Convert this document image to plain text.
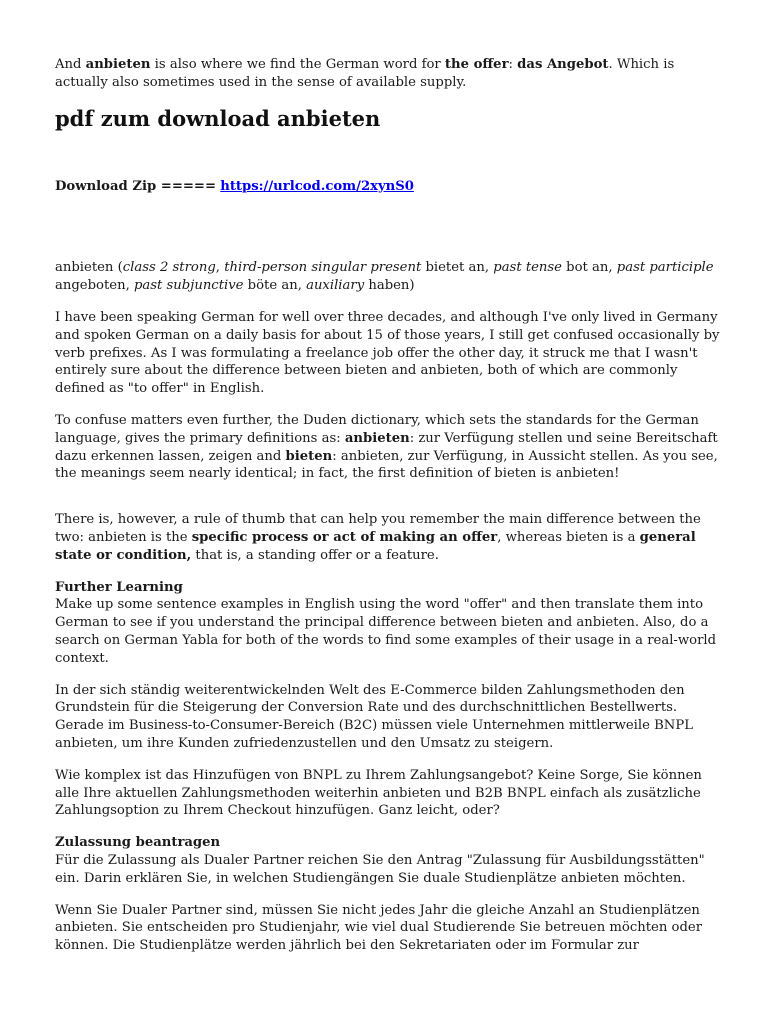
And anbieten is also where we find the German word for the offer: das Angebot. Which is actually also sometimes used in the sense of available supply.

pdf zum download anbieten

Download Zip ===== https://urlcod.com/2xynS0

anbieten (class 2 strong, third-person singular present bietet an, past tense bot an, past participle angeboten, past subjunctive böte an, auxiliary haben)

I have been speaking German for well over three decades, and although I've only lived in Germany and spoken German on a daily basis for about 15 of those years, I still get confused occasionally by verb prefixes. As I was formulating a freelance job offer the other day, it struck me that I wasn't entirely sure about the difference between bieten and anbieten, both of which are commonly defined as "to offer" in English.

To confuse matters even further, the Duden dictionary, which sets the standards for the German language, gives the primary definitions as: anbieten: zur Verfügung stellen und seine Bereitschaft dazu erkennen lassen, zeigen and bieten: anbieten, zur Verfügung, in Aussicht stellen. As you see, the meanings seem nearly identical; in fact, the first definition of bieten is anbieten!

There is, however, a rule of thumb that can help you remember the main difference between the two: anbieten is the specific process or act of making an offer, whereas bieten is a general state or condition, that is, a standing offer or a feature.

Further Learning

Make up some sentence examples in English using the word "offer" and then translate them into German to see if you understand the principal difference between bieten and anbieten. Also, do a search on German Yabla for both of the words to find some examples of their usage in a real-world context.

In der sich ständig weiterentwickelnden Welt des E-Commerce bilden Zahlungsmethoden den Grundstein für die Steigerung der Conversion Rate und des durchschnittlichen Bestellwerts. Gerade im Business-to-Consumer-Bereich (B2C) müssen viele Unternehmen mittlerweile BNPL anbieten, um ihre Kunden zufriedenzustellen und den Umsatz zu steigern.

Wie komplex ist das Hinzufügen von BNPL zu Ihrem Zahlungsangebot? Keine Sorge, Sie können alle Ihre aktuellen Zahlungsmethoden weiterhin anbieten und B2B BNPL einfach als zusätzliche Zahlungsoption zu Ihrem Checkout hinzufügen. Ganz leicht, oder?

Zulassung beantragen

Für die Zulassung als Dualer Partner reichen Sie den Antrag "Zulassung für Ausbildungsstätten" ein. Darin erklären Sie, in welchen Studiengängen Sie duale Studienplätze anbieten möchten.

Wenn Sie Dualer Partner sind, müssen Sie nicht jedes Jahr die gleiche Anzahl an Studienplätzen anbieten. Sie entscheiden pro Studienjahr, wie viel dual Studierende Sie betreuen möchten oder können. Die Studienplätze werden jährlich bei den Sekretariaten oder im Formular zur
